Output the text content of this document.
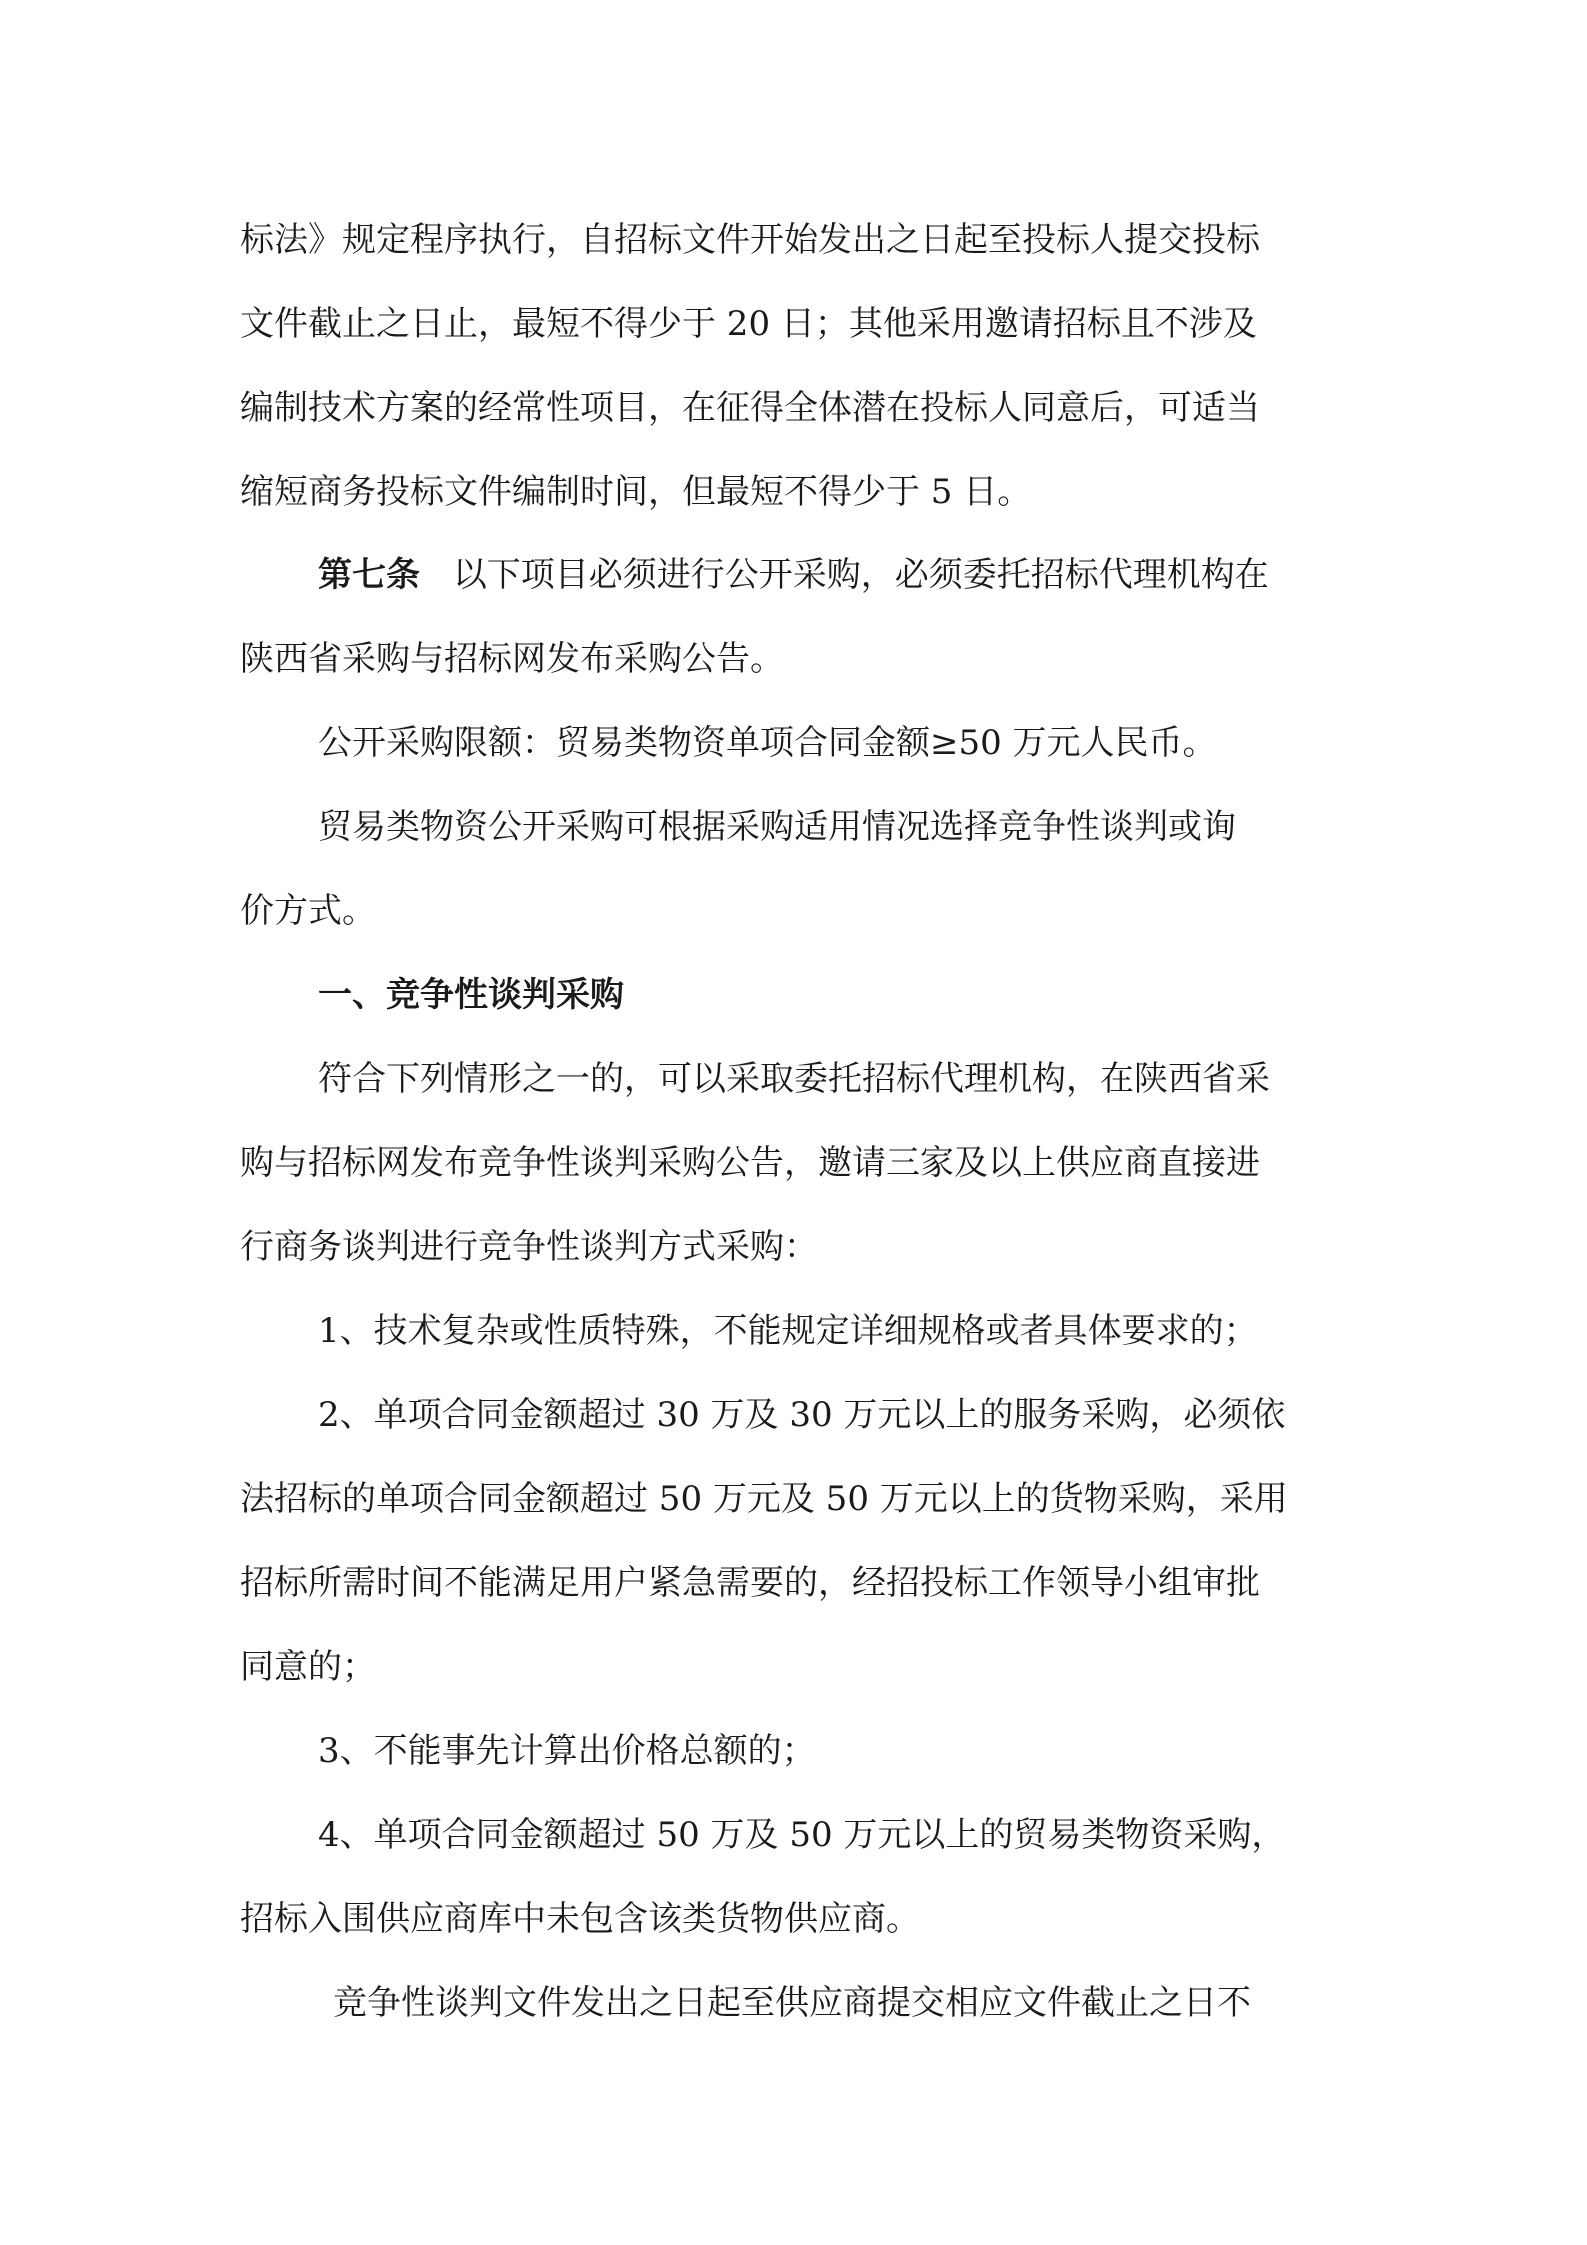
标法》规定程序执行，自招标文件开始发出之日起至投标人提交投标
文件截止之日止，最短不得少于 20 日；其他采用邀请招标且不涉及
编制技术方案的经常性项目，在征得全体潜在投标人同意后，可适当
缩短商务投标文件编制时间，但最短不得少于 5 日。
第七条 以下项目必须进行公开采购，必须委托招标代理机构在
陕西省采购与招标网发布采购公告。
公开采购限额：贸易类物资单项合同金额≥50 万元人民币。
贸易类物资公开采购可根据采购适用情况选择竞争性谈判或询
价方式。
一、竞争性谈判采购
符合下列情形之一的，可以采取委托招标代理机构，在陕西省采
购与招标网发布竞争性谈判采购公告，邀请三家及以上供应商直接进
行商务谈判进行竞争性谈判方式采购：
1、技术复杂或性质特殊，不能规定详细规格或者具体要求的；
2、单项合同金额超过 30 万及 30 万元以上的服务采购，必须依
法招标的单项合同金额超过 50 万元及 50 万元以上的货物采购，采用
招标所需时间不能满足用户紧急需要的，经招投标工作领导小组审批
同意的；
3、不能事先计算出价格总额的；
4、单项合同金额超过 50 万及 50 万元以上的贸易类物资采购，
招标入围供应商库中未包含该类货物供应商。
竞争性谈判文件发出之日起至供应商提交相应文件截止之日不
